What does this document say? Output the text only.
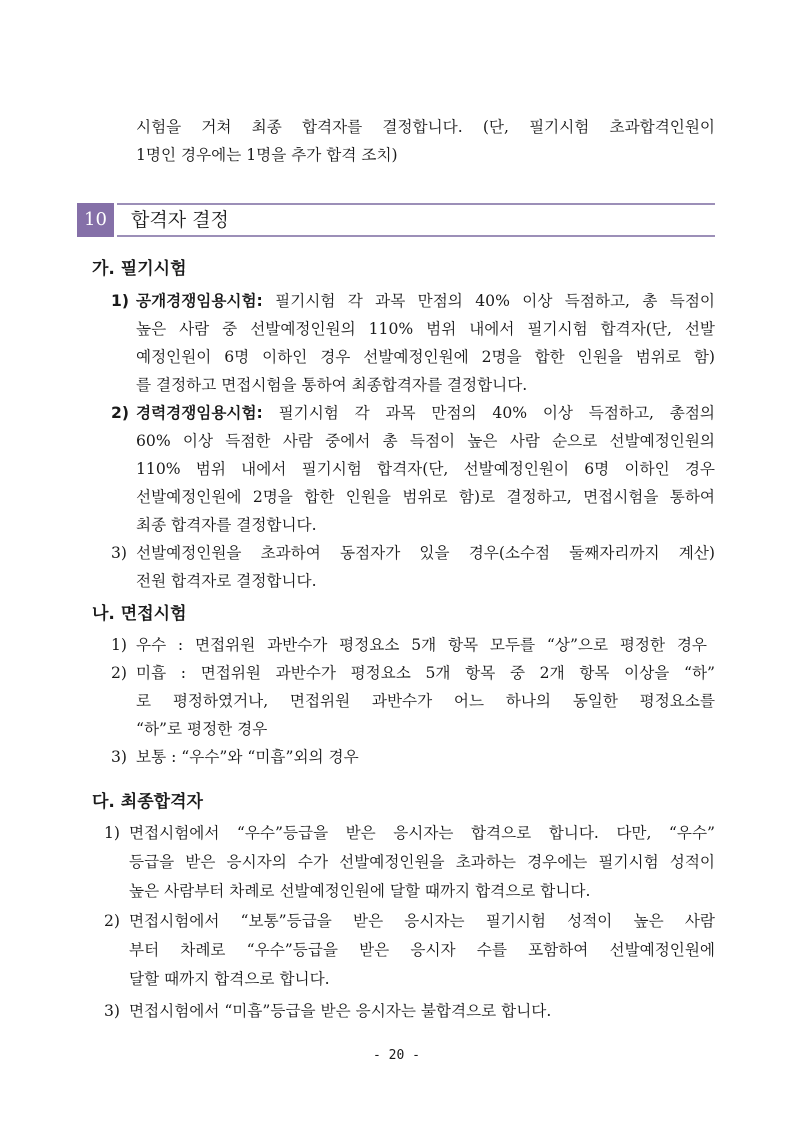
시험을 거쳐 최종 합격자를 결정합니다. (단, 필기시험 초과합격인원이
1명인 경우에는 1명을 추가 합격 조치)
10	합격자 결정
가. 필기시험
1) 공개경쟁임용시험: 필기시험 각 과목 만점의 40% 이상 득점하고, 총 득점이
높은 사람 중 선발예정인원의 110% 범위 내에서 필기시험 합격자(단, 선발
예정인원이 6명 이하인 경우 선발예정인원에 2명을 합한 인원을 범위로 함)
를 결정하고 면접시험을 통하여 최종합격자를 결정합니다.
2) 경력경쟁임용시험: 필기시험 각 과목 만점의 40% 이상 득점하고, 총점의
60% 이상 득점한 사람 중에서 총 득점이 높은 사람 순으로 선발예정인원의
110% 범위 내에서 필기시험 합격자(단, 선발예정인원이 6명 이하인 경우
선발예정인원에 2명을 합한 인원을 범위로 함)로 결정하고, 면접시험을 통하여
최종 합격자를 결정합니다.
3) 선발예정인원을 초과하여 동점자가 있을 경우(소수점 둘째자리까지 계산)
전원 합격자로 결정합니다.
나. 면접시험
1) 우수 : 면접위원 과반수가 평정요소 5개 항목 모두를 “상”으로 평정한 경우
2) 미흡 : 면접위원 과반수가 평정요소 5개 항목 중 2개 항목 이상을 “하”
로 평정하였거나, 면접위원 과반수가 어느 하나의 동일한 평정요소를
“하”로 평정한 경우
3) 보통 : “우수”와 “미흡”외의 경우
다. 최종합격자
1) 면접시험에서 “우수”등급을 받은 응시자는 합격으로 합니다. 다만, “우수”
등급을 받은 응시자의 수가 선발예정인원을 초과하는 경우에는 필기시험 성적이
높은 사람부터 차례로 선발예정인원에 달할 때까지 합격으로 합니다.
2) 면접시험에서 “보통”등급을 받은 응시자는 필기시험 성적이 높은 사람
부터 차례로 “우수”등급을 받은 응시자 수를 포함하여 선발예정인원에
달할 때까지 합격으로 합니다.
3) 면접시험에서 “미흡”등급을 받은 응시자는 불합격으로 합니다.
- 20 -
